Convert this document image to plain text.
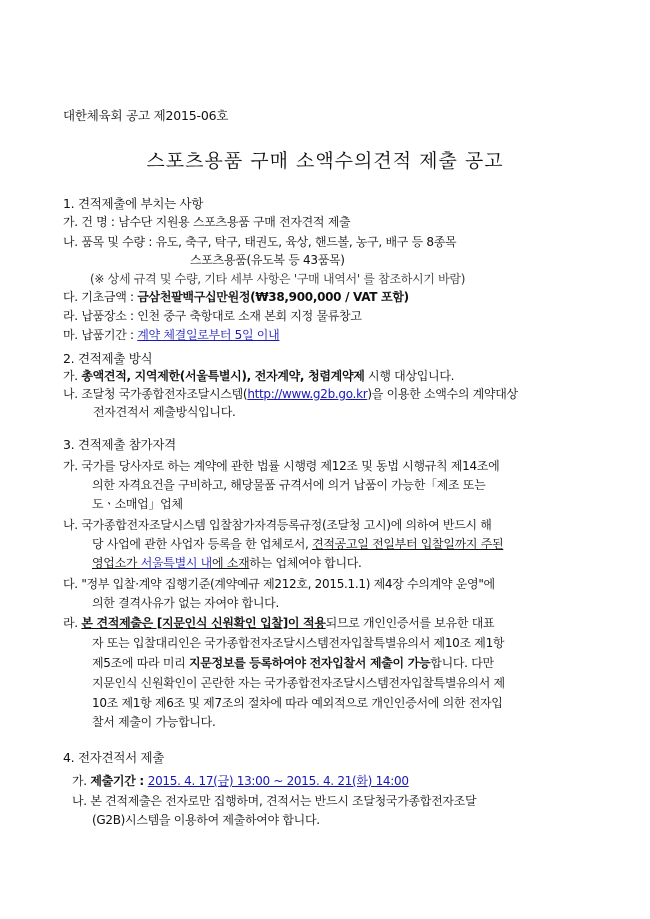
대한체육회 공고 제2015-06호
스포츠용품 구매 소액수의견적 제출 공고
1. 견적제출에 부치는 사항
가. 건 명 : 남수단 지원용 스포츠용품 구매 전자견적 제출
나. 품목 및 수량 : 유도, 축구, 탁구, 태권도, 육상, 핸드볼, 농구, 배구 등 8종목
스포츠용품(유도복 등 43품목)
(※ 상세 규격 및 수량, 기타 세부 사항은 '구매 내역서' 를 참조하시기 바람)
다. 기초금액 : 금삼천팔백구십만원정(₩38,900,000 / VAT 포함)
라. 납품장소 : 인천 중구 축항대로 소재 본회 지정 물류창고
마. 납품기간 : 계약 체결일로부터 5일 이내
2. 견적제출 방식
가. 총액견적, 지역제한(서울특별시), 전자계약, 청렴계약제 시행 대상입니다.
나. 조달청 국가종합전자조달시스템(http://www.g2b.go.kr)을 이용한 소액수의 계약대상
전자견적서 제출방식입니다.
3. 견적제출 참가자격
가. 국가를 당사자로 하는 계약에 관한 법률 시행령 제12조 및 동법 시행규칙 제14조에
의한 자격요건을 구비하고, 해당물품 규격서에 의거 납품이 가능한「제조 또는
도ㆍ소매업」업체
나. 국가종합전자조달시스템 입찰참가자격등록규정(조달청 고시)에 의하여 반드시 해
당 사업에 관한 사업자 등록을 한 업체로서, 견적공고일 전일부터 입찰일까지 주된
영업소가 서울특별시 내에 소재하는 업체여야 합니다.
다. "정부 입찰·계약 집행기준(계약예규 제212호, 2015.1.1) 제4장 수의계약 운영"에
의한 결격사유가 없는 자여야 합니다.
라. 본 견적제출은 [지문인식 신원확인 입찰]이 적용되므로 개인인증서를 보유한 대표
자 또는 입찰대리인은 국가종합전자조달시스템전자입찰특별유의서 제10조 제1항
제5조에 따라 미리 지문정보를 등록하여야 전자입찰서 제출이 가능합니다. 다만
지문인식 신원확인이 곤란한 자는 국가종합전자조달시스템전자입찰특별유의서 제
10조 제1항 제6조 및 제7조의 절차에 따라 예외적으로 개인인증서에 의한 전자입
찰서 제출이 가능합니다.
4. 전자견적서 제출
가. 제출기간 : 2015. 4. 17(금) 13:00 ~ 2015. 4. 21(화) 14:00
나. 본 견적제출은 전자로만 집행하며, 견적서는 반드시 조달청국가종합전자조달
(G2B)시스템을 이용하여 제출하여야 합니다.
